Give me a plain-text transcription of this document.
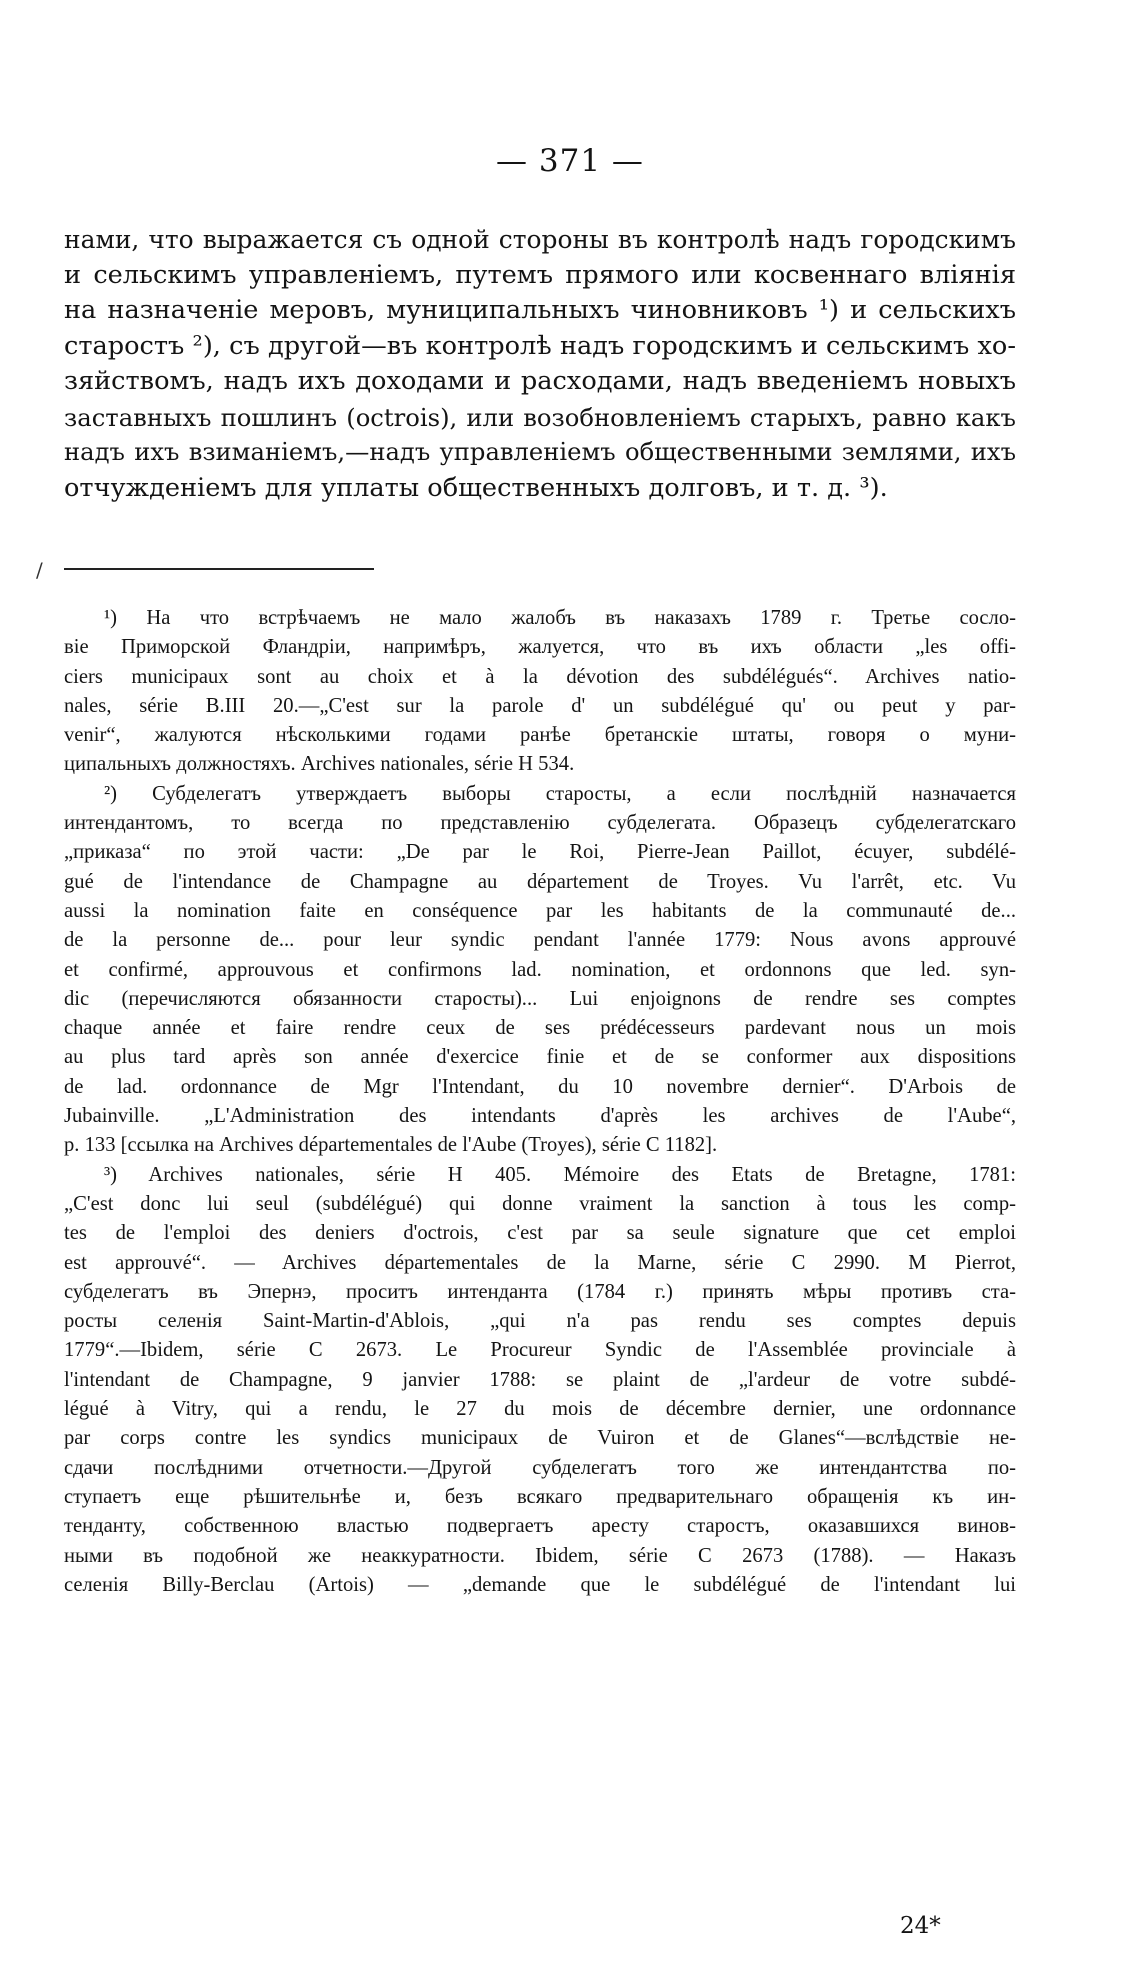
— 371 —
нами, что выражается съ одной стороны въ контролѣ надъ городскимъ
и сельскимъ управленіемъ, путемъ прямого или косвеннаго вліянія
на назначеніе меровъ, муниципальныхъ чиновниковъ ¹) и сельскихъ
старостъ ²), съ другой—въ контролѣ надъ городскимъ и сельскимъ хо-
зяйствомъ, надъ ихъ доходами и расходами, надъ введеніемъ новыхъ
заставныхъ пошлинъ (octrois), или возобновленіемъ старыхъ, равно какъ
надъ ихъ взиманіемъ,—надъ управленіемъ общественными землями, ихъ
отчужденіемъ для уплаты общественныхъ долговъ, и т. д. ³).
/
¹) На что встрѣчаемъ не мало жалобъ въ наказахъ 1789 г. Третье сосло-
віе Приморской Фландріи, напримѣръ, жалуется, что въ ихъ области „les offi-
ciers municipaux sont au choix et à la dévotion des subdélégués“. Archives natio-
nales, série B.III 20.—„C'est sur la parole d' un subdélégué qu' ou peut y par-
venir“, жалуются нѣсколькими годами ранѣе бретанскіе штаты, говоря о муни-
ципальныхъ должностяхъ. Archives nationales, série H 534.
²) Субделегатъ утверждаетъ выборы старосты, а если послѣдній назначается
интендантомъ, то всегда по представленію субделегата. Образецъ субделегатскаго
„приказа“ по этой части: „De par le Roi, Pierre-Jean Paillot, écuyer, subdélé-
gué de l'intendance de Champagne au département de Troyes. Vu l'arrêt, etc. Vu
aussi la nomination faite en conséquence par les habitants de la communauté de...
de la personne de... pour leur syndic pendant l'année 1779: Nous avons approuvé
et confirmé, approuvous et confirmons lad. nomination, et ordonnons que led. syn-
dic (перечисляются обязанности старосты)... Lui enjoignons de rendre ses comptes
chaque année et faire rendre ceux de ses prédécesseurs pardevant nous un mois
au plus tard après son année d'exercice finie et de se conformer aux dispositions
de lad. ordonnance de Mgr l'Intendant, du 10 novembre dernier“. D'Arbois de
Jubainville. „L'Administration des intendants d'après les archives de l'Aube“,
p. 133 [ссылка на Archives départementales de l'Aube (Troyes), série C 1182].
³) Archives nationales, série H 405. Mémoire des Etats de Bretagne, 1781:
„C'est donc lui seul (subdélégué) qui donne vraiment la sanction à tous les comp-
tes de l'emploi des deniers d'octrois, c'est par sa seule signature que cet emploi
est approuvé“. — Archives départementales de la Marne, série C 2990. M Pierrot,
субделегатъ въ Эпернэ, проситъ интенданта (1784 г.) принять мѣры противъ ста-
росты селенія Saint-Martin-d'Ablois, „qui n'a pas rendu ses comptes depuis
1779“.—Ibidem, série C 2673. Le Procureur Syndic de l'Assemblée provinciale à
l'intendant de Champagne, 9 janvier 1788: se plaint de „l'ardeur de votre subdé-
légué à Vitry, qui a rendu, le 27 du mois de décembre dernier, une ordonnance
par corps contre les syndics municipaux de Vuiron et de Glanes“—вслѣдствіе не-
сдачи послѣдними отчетности.—Другой субделегатъ того же интендантства по-
ступаетъ еще рѣшительнѣе и, безъ всякаго предварительнаго обращенія къ ин-
тенданту, собственною властью подвергаетъ аресту старостъ, оказавшихся винов-
ными въ подобной же неаккуратности. Ibidem, série C 2673 (1788). — Наказъ
селенія Billy-Berclau (Artois) — „demande que le subdélégué de l'intendant lui
24*
